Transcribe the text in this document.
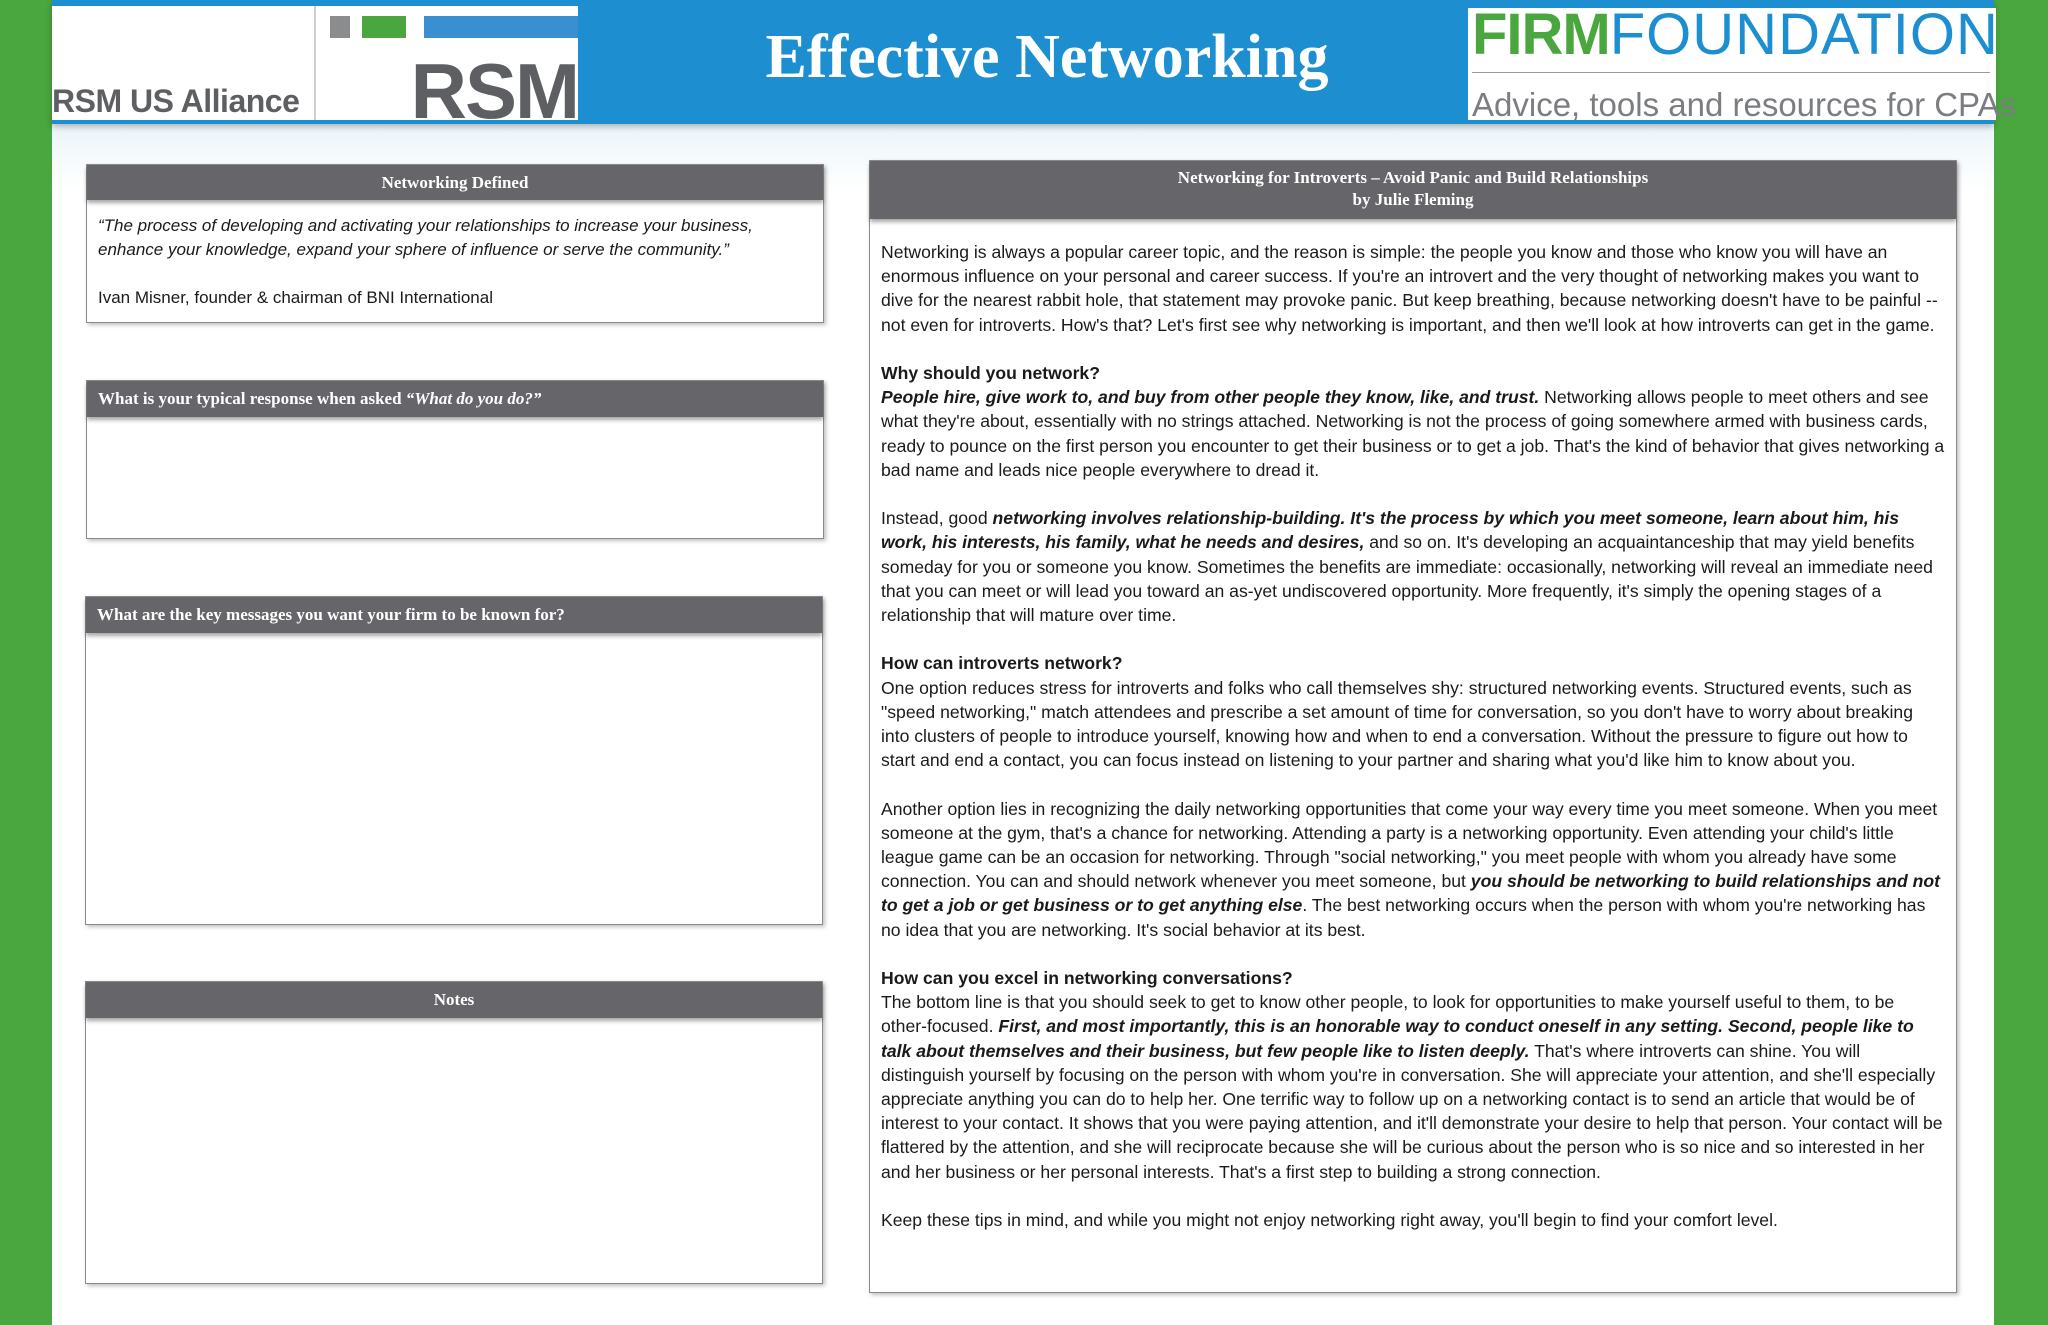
RSM US Alliance RSM	Effective Networking	FIRMFOUNDATION
Advice, tools and resources for CPAs
Networking Defined

“The process of developing and activating your relationships to increase your business, enhance your knowledge, expand your sphere of influence or serve the community.”

Ivan Misner, founder & chairman of BNI International

What is your typical response when asked “What do you do?”
What are the key messages you want your firm to be known for?
Notes
Networking for Introverts – Avoid Panic and Build Relationships
by Julie Fleming

Networking is always a popular career topic, and the reason is simple: the people you know and those who know you will have an enormous influence on your personal and career success. If you're an introvert and the very thought of networking makes you want to dive for the nearest rabbit hole, that statement may provoke panic. But keep breathing, because networking doesn't have to be painful -- not even for introverts. How's that? Let's first see why networking is important, and then we'll look at how introverts can get in the game.

Why should you network?
People hire, give work to, and buy from other people they know, like, and trust. Networking allows people to meet others and see what they're about, essentially with no strings attached. Networking is not the process of going somewhere armed with business cards, ready to pounce on the first person you encounter to get their business or to get a job. That's the kind of behavior that gives networking a bad name and leads nice people everywhere to dread it.

Instead, good networking involves relationship-building. It's the process by which you meet someone, learn about him, his work, his interests, his family, what he needs and desires, and so on. It's developing an acquaintanceship that may yield benefits someday for you or someone you know. Sometimes the benefits are immediate: occasionally, networking will reveal an immediate need that you can meet or will lead you toward an as-yet undiscovered opportunity. More frequently, it's simply the opening stages of a relationship that will mature over time.

How can introverts network?
One option reduces stress for introverts and folks who call themselves shy: structured networking events. Structured events, such as "speed networking," match attendees and prescribe a set amount of time for conversation, so you don't have to worry about breaking into clusters of people to introduce yourself, knowing how and when to end a conversation. Without the pressure to figure out how to start and end a contact, you can focus instead on listening to your partner and sharing what you'd like him to know about you.

Another option lies in recognizing the daily networking opportunities that come your way every time you meet someone. When you meet someone at the gym, that's a chance for networking. Attending a party is a networking opportunity. Even attending your child's little league game can be an occasion for networking. Through "social networking," you meet people with whom you already have some connection. You can and should network whenever you meet someone, but you should be networking to build relationships and not to get a job or get business or to get anything else. The best networking occurs when the person with whom you're networking has no idea that you are networking. It's social behavior at its best.

How can you excel in networking conversations?
The bottom line is that you should seek to get to know other people, to look for opportunities to make yourself useful to them, to be other-focused. First, and most importantly, this is an honorable way to conduct oneself in any setting. Second, people like to talk about themselves and their business, but few people like to listen deeply. That's where introverts can shine. You will distinguish yourself by focusing on the person with whom you're in conversation. She will appreciate your attention, and she'll especially appreciate anything you can do to help her. One terrific way to follow up on a networking contact is to send an article that would be of interest to your contact. It shows that you were paying attention, and it'll demonstrate your desire to help that person. Your contact will be flattered by the attention, and she will reciprocate because she will be curious about the person who is so nice and so interested in her and her business or her personal interests. That's a first step to building a strong connection.

Keep these tips in mind, and while you might not enjoy networking right away, you'll begin to find your comfort level.
